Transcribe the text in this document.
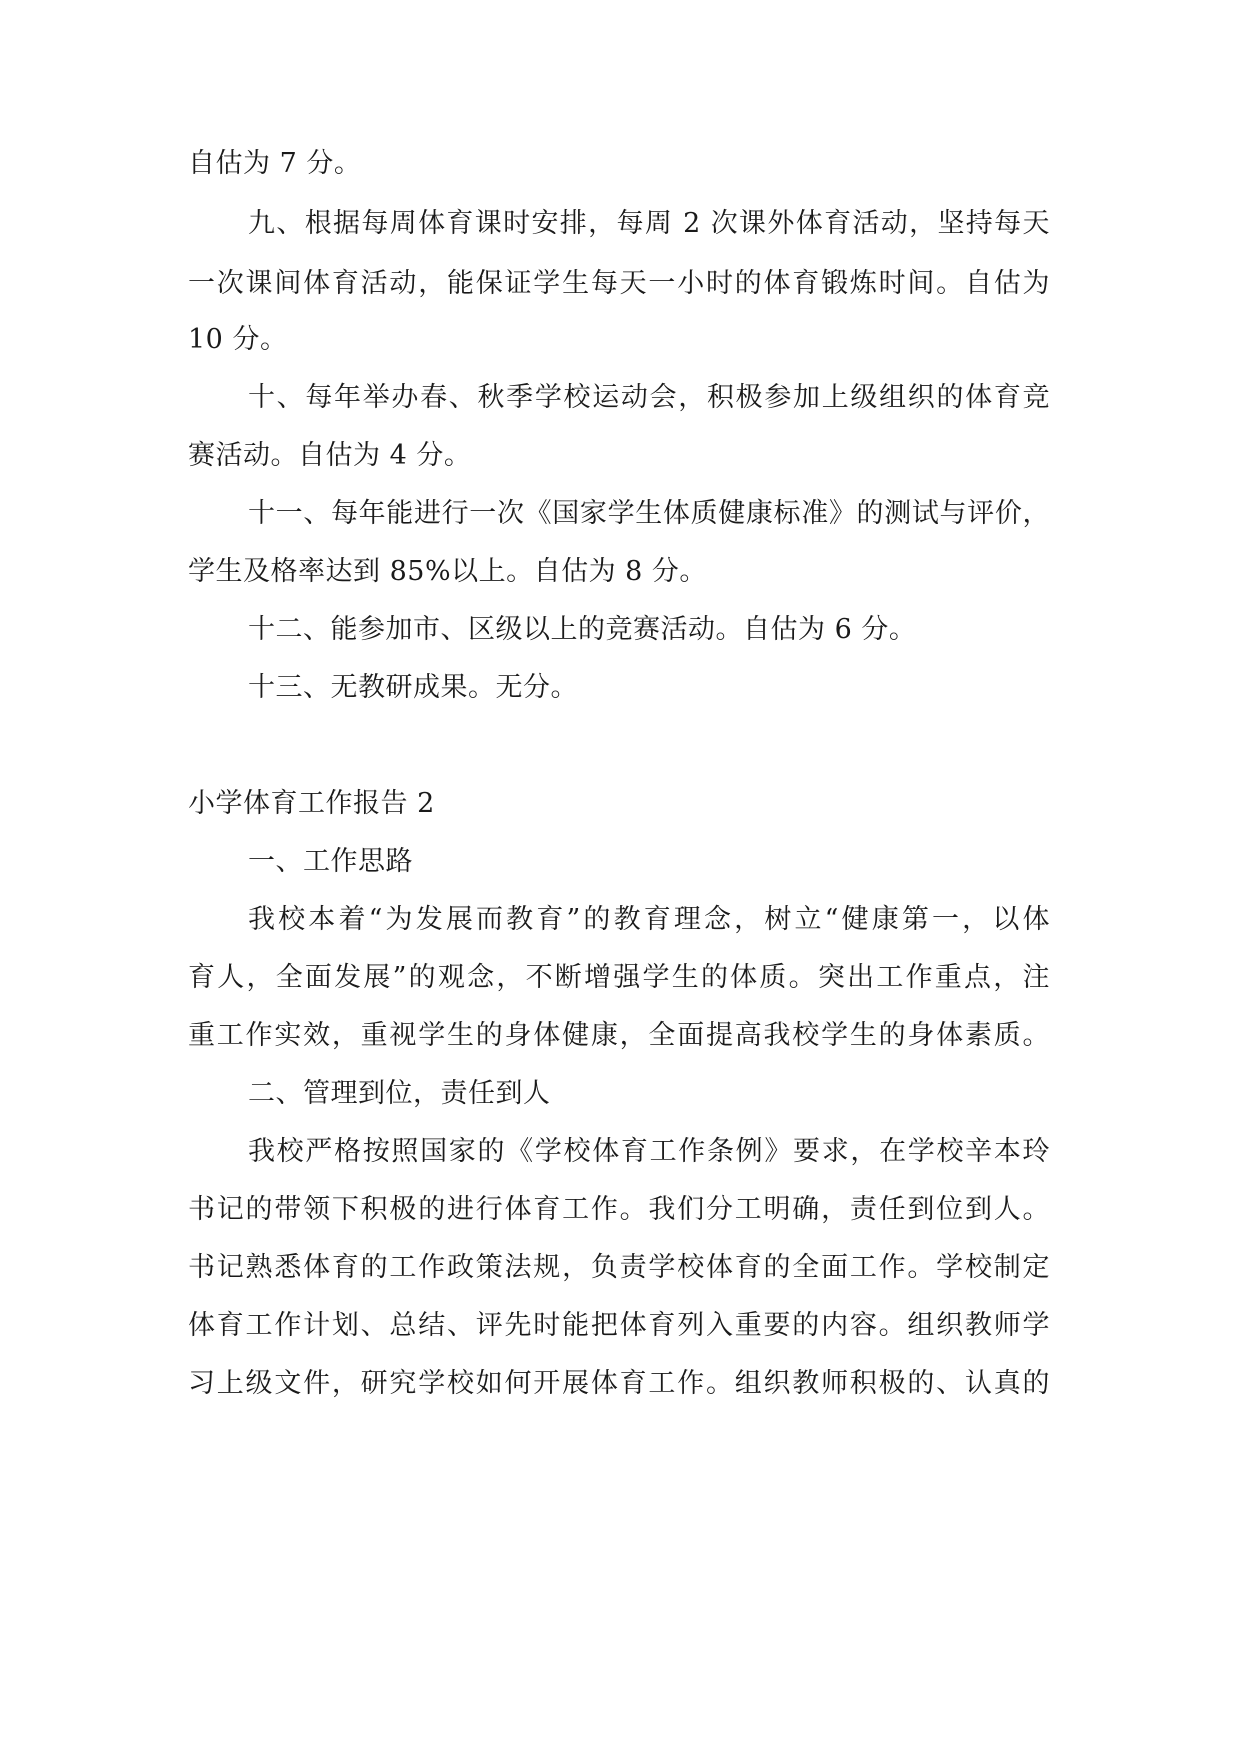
自估为 7 分。
九、根据每周体育课时安排，每周 2 次课外体育活动，坚持每天
一次课间体育活动，能保证学生每天一小时的体育锻炼时间。自估为
10 分。
十、每年举办春、秋季学校运动会，积极参加上级组织的体育竞
赛活动。自估为 4 分。
十一、每年能进行一次《国家学生体质健康标准》的测试与评价，
学生及格率达到 85%以上。自估为 8 分。
十二、能参加市、区级以上的竞赛活动。自估为 6 分。
十三、无教研成果。无分。
小学体育工作报告 2
一、工作思路
我校本着“为发展而教育”的教育理念，树立“健康第一，以体
育人，全面发展”的观念，不断增强学生的体质。突出工作重点，注
重工作实效，重视学生的身体健康，全面提高我校学生的身体素质。
二、管理到位，责任到人
我校严格按照国家的《学校体育工作条例》要求，在学校辛本玲
书记的带领下积极的进行体育工作。我们分工明确，责任到位到人。
书记熟悉体育的工作政策法规，负责学校体育的全面工作。学校制定
体育工作计划、总结、评先时能把体育列入重要的内容。组织教师学
习上级文件，研究学校如何开展体育工作。组织教师积极的、认真的
